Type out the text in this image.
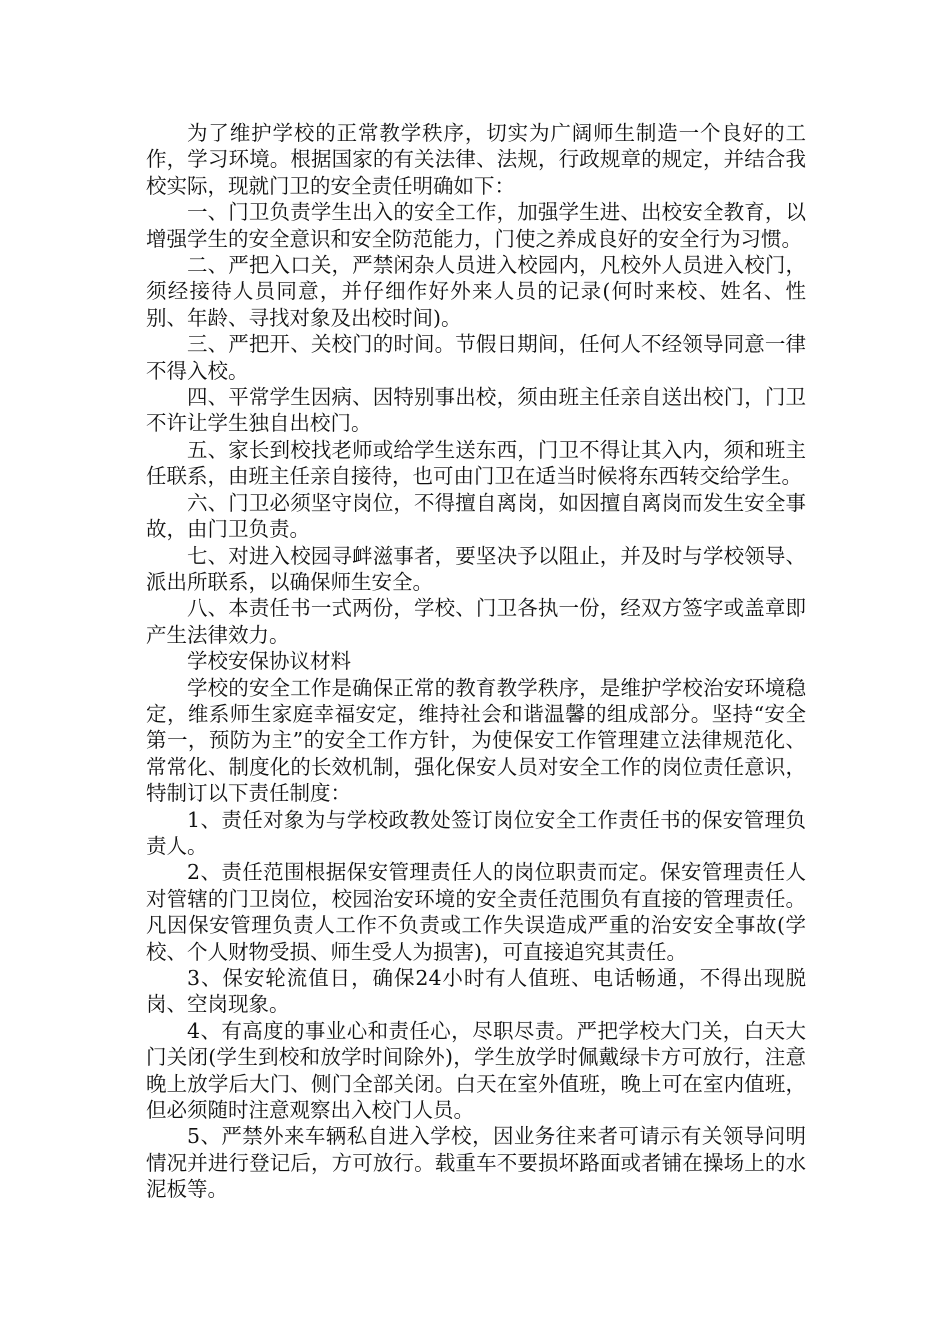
为了维护学校的正常教学秩序，切实为广阔师生制造一个良好的工作，学习环境。根据国家的有关法律、法规，行政规章的规定，并结合我校实际，现就门卫的安全责任明确如下：

一、门卫负责学生出入的安全工作，加强学生进、出校安全教育，以增强学生的安全意识和安全防范能力，门使之养成良好的安全行为习惯。

二、严把入口关，严禁闲杂人员进入校园内，凡校外人员进入校门，须经接待人员同意，并仔细作好外来人员的记录(何时来校、姓名、性别、年龄、寻找对象及出校时间)。

三、严把开、关校门的时间。节假日期间，任何人不经领导同意一律不得入校。

四、平常学生因病、因特别事出校，须由班主任亲自送出校门，门卫不许让学生独自出校门。

五、家长到校找老师或给学生送东西，门卫不得让其入内，须和班主任联系，由班主任亲自接待，也可由门卫在适当时候将东西转交给学生。

六、门卫必须坚守岗位，不得擅自离岗，如因擅自离岗而发生安全事故，由门卫负责。

七、对进入校园寻衅滋事者，要坚决予以阻止，并及时与学校领导、派出所联系，以确保师生安全。

八、本责任书一式两份，学校、门卫各执一份，经双方签字或盖章即产生法律效力。

学校安保协议材料

学校的安全工作是确保正常的教育教学秩序，是维护学校治安环境稳定，维系师生家庭幸福安定，维持社会和谐温馨的组成部分。坚持“安全第一，预防为主”的安全工作方针，为使保安工作管理建立法律规范化、常常化、制度化的长效机制，强化保安人员对安全工作的岗位责任意识，特制订以下责任制度：

1、责任对象为与学校政教处签订岗位安全工作责任书的保安管理负责人。

2、责任范围根据保安管理责任人的岗位职责而定。保安管理责任人对管辖的门卫岗位，校园治安环境的安全责任范围负有直接的管理责任。凡因保安管理负责人工作不负责或工作失误造成严重的治安安全事故(学校、个人财物受损、师生受人为损害)，可直接追究其责任。

3、保安轮流值日，确保24小时有人值班、电话畅通，不得出现脱岗、空岗现象。

4、有高度的事业心和责任心，尽职尽责。严把学校大门关，白天大门关闭(学生到校和放学时间除外)，学生放学时佩戴绿卡方可放行，注意晚上放学后大门、侧门全部关闭。白天在室外值班，晚上可在室内值班，但必须随时注意观察出入校门人员。

5、严禁外来车辆私自进入学校，因业务往来者可请示有关领导问明情况并进行登记后，方可放行。载重车不要损坏路面或者铺在操场上的水泥板等。
